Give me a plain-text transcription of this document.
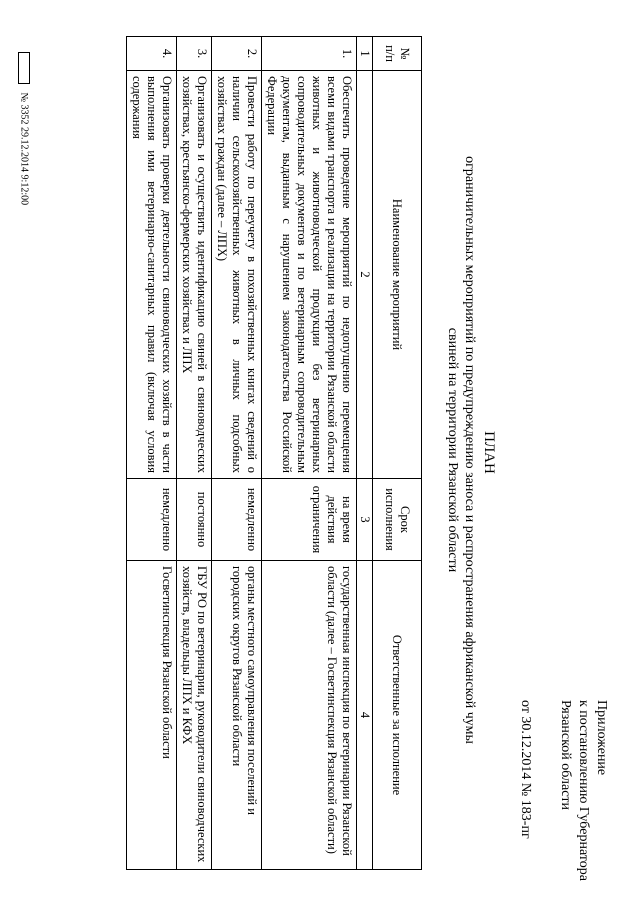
Приложение
к постановлению Губернатора
Рязанской области
от 30.12.2014 № 183-пг
ПЛАН
ограничительных мероприятий по предупреждению заноса и распространения африканской чумы
свиней на территории Рязанской области
№ п/п	Наименование мероприятий	Срок исполнения	Ответственные за исполнение
1	2	3	4
1.	Обеспечить проведение мероприятий по недопущению перемещения всеми видами транспорта и реализации на территории Рязанской области животных и животноводческой продукции без ветеринарных сопроводительных документов и по ветеринарным сопроводительным документам, выданным с нарушением законодательства Российской Федерации	на время действия ограничения	государственная инспекция по ветеринарии Рязанской области (далее – Госветинспекция Рязанской области)
2.	Провести работу по переучету в похозяйственных книгах сведений о наличии сельскохозяйственных животных в личных подсобных хозяйствах граждан (далее – ЛПХ)	немедленно	органы местного самоуправления поселений и городских округов Рязанской области
3.	Организовать и осуществить идентификацию свиней в свиноводческих хозяйствах, крестьянско-фермерских хозяйствах и ЛПХ	постоянно	ГБУ РО по ветеринарии, руководители свиноводческих хозяйств, владельцы ЛПХ и КФХ
4.	Организовать проверки деятельности свиноводческих хозяйств в части выполнения ими ветеринарно-санитарных правил (включая условия содержания	немедленно	Госветинспекция Рязанской области
№ 3352 29.12.2014 9:12:00
